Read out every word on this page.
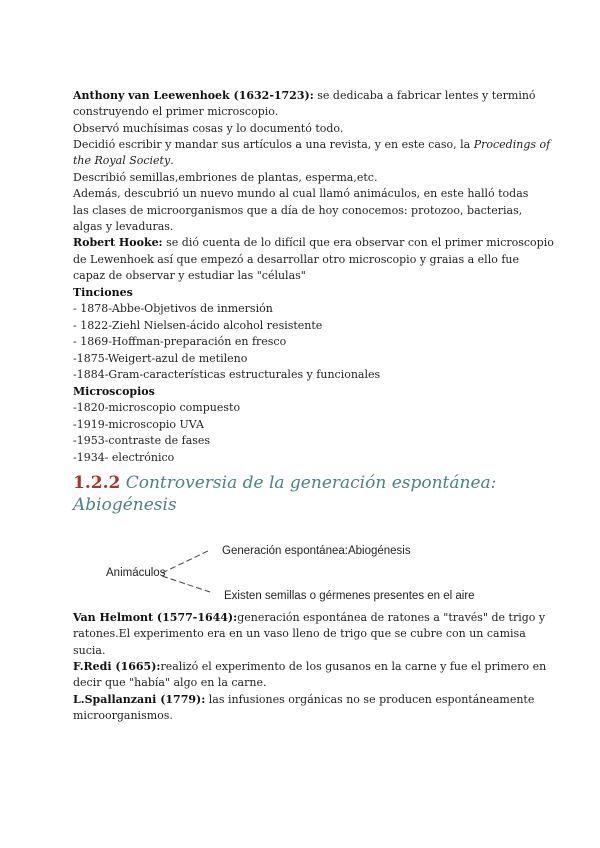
Anthony van Leewenhoek (1632-1723): se dedicaba a fabricar lentes y terminó
construyendo el primer microscopio.
Observó muchísimas cosas y lo documentó todo.
Decidió escribir y mandar sus artículos a una revista, y en este caso, la Procedings of
the Royal Society.
Describió semillas,embriones de plantas, esperma,etc.
Además, descubrió un nuevo mundo al cual llamó animáculos, en este halló todas
las clases de microorganismos que a día de hoy conocemos: protozoo, bacterias,
algas y levaduras.
Robert Hooke: se dió cuenta de lo difícil que era observar con el primer microscopio
de Lewenhoek así que empezó a desarrollar otro microscopio y graias a ello fue
capaz de observar y estudiar las "células"
Tinciones
- 1878-Abbe-Objetivos de inmersión
- 1822-Ziehl Nielsen-ácido alcohol resistente
- 1869-Hoffman-preparación en fresco
-1875-Weigert-azul de metileno
-1884-Gram-características estructurales y funcionales
Microscopios
-1820-microscopio compuesto
-1919-microscopio UVA
-1953-contraste de fases
-1934- electrónico
1.2.2 Controversia de la generación espontánea:
Abiogénesis
Animáculos
Generación espontánea:Abiogénesis
Existen semillas o gérmenes presentes en el aire
Van Helmont (1577-1644):generación espontánea de ratones a "través" de trigo y
ratones.El experimento era en un vaso lleno de trigo que se cubre con un camisa
sucia.
F.Redi (1665):realizó el experimento de los gusanos en la carne y fue el primero en
decir que "había" algo en la carne.
L.Spallanzani (1779): las infusiones orgánicas no se producen espontáneamente
microorganismos.
